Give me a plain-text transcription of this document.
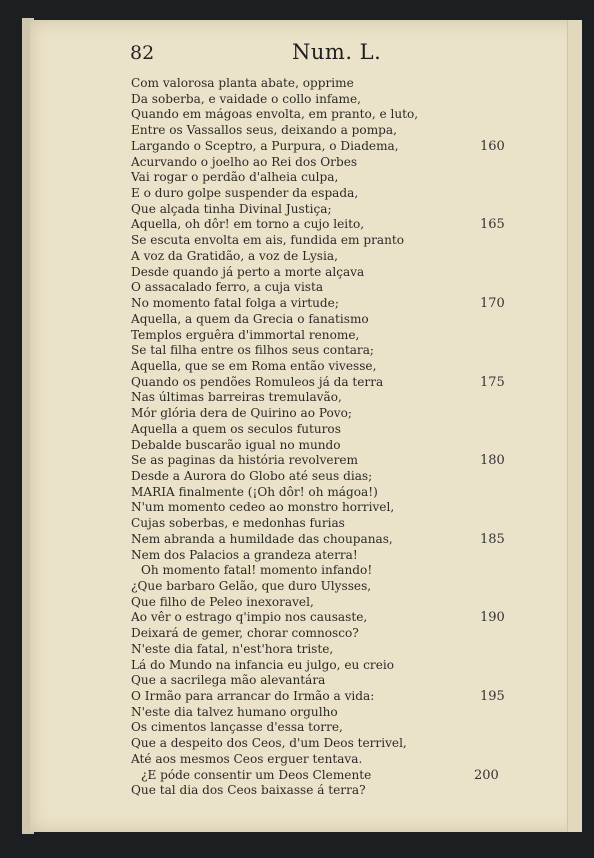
82	Num. L.
Com valorosa planta abate, opprime
Da soberba, e vaidade o collo infame,
Quando em mágoas envolta, em pranto, e luto,
Entre os Vassallos seus, deixando a pompa,
Largando o Sceptro, a Purpura, o Diadema,
Acurvando o joelho ao Rei dos Orbes
Vai rogar o perdão d'alheia culpa,
E o duro golpe suspender da espada,
Que alçada tinha Divinal Justiça;
Aquella, oh dôr! em torno a cujo leito,
Se escuta envolta em ais, fundida em pranto
A voz da Gratidão, a voz de Lysia,
Desde quando já perto a morte alçava
O assacalado ferro, a cuja vista
No momento fatal folga a virtude;
Aquella, a quem da Grecia o fanatismo
Templos erguêra d'immortal renome,
Se tal filha entre os filhos seus contara;
Aquella, que se em Roma então vivesse,
Quando os pendões Romuleos já da terra
Nas últimas barreiras tremulavão,
Mór glória dera de Quirino ao Povo;
Aquella a quem os seculos futuros
Debalde buscarão igual no mundo
Se as paginas da história revolverem
Desde a Aurora do Globo até seus dias;
MARIA finalmente (¡Oh dôr! oh mágoa!)
N'um momento cedeo ao monstro horrivel,
Cujas soberbas, e medonhas furias
Nem abranda a humildade das choupanas,
Nem dos Palacios a grandeza aterra!
Oh momento fatal! momento infando!
¿Que barbaro Gelão, que duro Ulysses,
Que filho de Peleo inexoravel,
Ao vêr o estrago q'impio nos causaste,
Deixará de gemer, chorar comnosco?
N'este dia fatal, n'est'hora triste,
Lá do Mundo na infancia eu julgo, eu creio
Que a sacrilega mão alevantára
O Irmão para arrancar do Irmão a vida:
N'este dia talvez humano orgulho
Os cimentos lançasse d'essa torre,
Que a despeito dos Ceos, d'um Deos terrivel,
Até aos mesmos Ceos erguer tentava.
¿E póde consentir um Deos Clemente
Que tal dia dos Ceos baixasse á terra?
160
165
170
175
180
185
190
195
200
